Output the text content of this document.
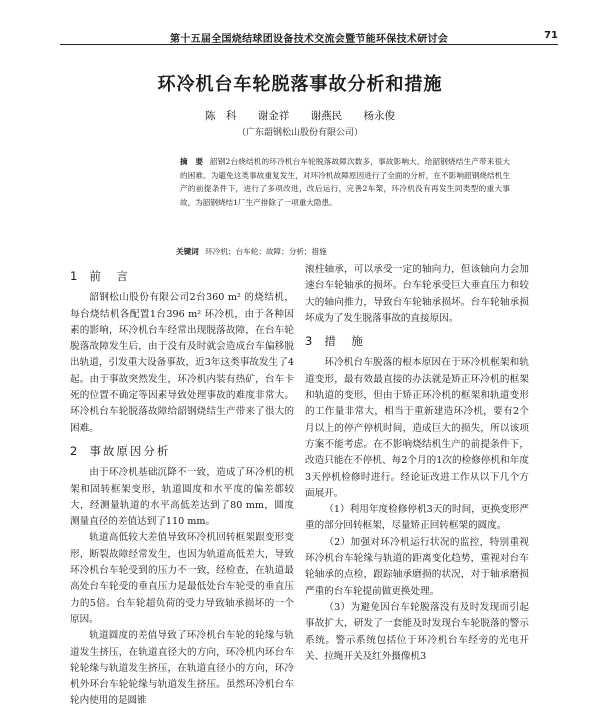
第十五届全国烧结球团设备技术交流会暨节能环保技术研讨会	71
环冷机台车轮脱落事故分析和措施
陈　科 谢金祥 谢燕民 杨永俊
（广东韶钢松山股份有限公司）
摘　要 韶钢2台烧结机的环冷机台车轮脱落故障次数多，事故影响大，给韶钢烧结生产带来很大的困难。为避免这类事故重复发生，对环冷机故障原因进行了全面的分析，在不影响韶钢烧结机生产的前提条件下，进行了多项改进，改后运行，完善2车架，环冷机没有再发生同类型的重大事故，为韶钢烧结1厂生产排除了一项重大隐患。
关键词 环冷机；台车轮；故障；分析；措施
1 前　言

韶钢松山股份有限公司2台360 m² 的烧结机，每台烧结机各配置1台396 m² 环冷机，由于各种因素的影响，环冷机台车经常出现脱落故障，在台车轮脱落故障发生后，由于没有及时就会造成台车偏移脱出轨道，引发重大设备事故，近3年这类事故发生了4起。由于事故突然发生，环冷机内装有热矿，台车卡死的位置不确定等因素导致处理事故的难度非常大。环冷机台车轮脱落故障给韶钢烧结生产带来了很大的困难。

2 事故原因分析

由于环冷机基础沉降不一致，造成了环冷机的机架和固转框架变形，轨道圆度和水平度的偏差都较大，经测量轨道的水平高低差达到了80 mm，圆度测量直径的差值达到了110 mm。

轨道高低较大差值导致环冷机回转框架跟变形变形，断裂故障经常发生，也因为轨道高低差大，导致环冷机台车轮受到的压力不一致，经检查，在轨道最高处台车轮受的垂直压力是最低处台车轮受的垂直压力的5倍。台车轮超负荷的受力导致轴承损坏的一个原因。

轨道圆度的差值导致了环冷机台车轮的轮缘与轨道发生挤压，在轨道直径大的方向，环冷机内环台车轮轮缘与轨道发生挤压，在轨道直径小的方向，环冷机外环台车轮轮缘与轨道发生挤压。虽然环冷机台车轮内使用的是圆锥

滚柱轴承，可以承受一定的轴向力，但该轴向力会加速台车轮轴承的损坏。台车轮承受巨大垂直压力和较大的轴向推力，导致台车轮轴承损坏。台车轮轴承损坏成为了发生脱落事故的直接原因。

3 措　施

环冷机台车脱落的根本原因在于环冷机框架和轨道变形，最有效最直接的办法就是矫正环冷机的框架和轨道的变形，但由于矫正环冷机的框架和轨道变形的工作量非常大，相当于重新建造环冷机，要有2个月以上的停产停机时间，造成巨大的损失，所以该项方案不能考虑。在不影响烧结机生产的前提条件下，改造只能在不停机、每2个月的1次的检修停机和年度3天停机检修时进行。经论证改进工作从以下几个方面展开。

（1）利用年度检修停机3天的时间，更换变形严重的部分回转框架，尽量矫正回转框架的圆度。

（2）加强对环冷机运行状况的监控，特别重视环冷机台车轮缘与轨道的距离变化趋势，重视对台车轮轴承的点检，跟踪轴承磨损的状况，对于轴承磨损严重的台车轮提前做更换处理。

（3）为避免因台车轮脱落没有及时发现而引起事故扩大，研发了一套能及时发现台车轮脱落的警示系统。警示系统包括位于环冷机台车经旁的光电开关、拉绳开关及红外摄像机3
